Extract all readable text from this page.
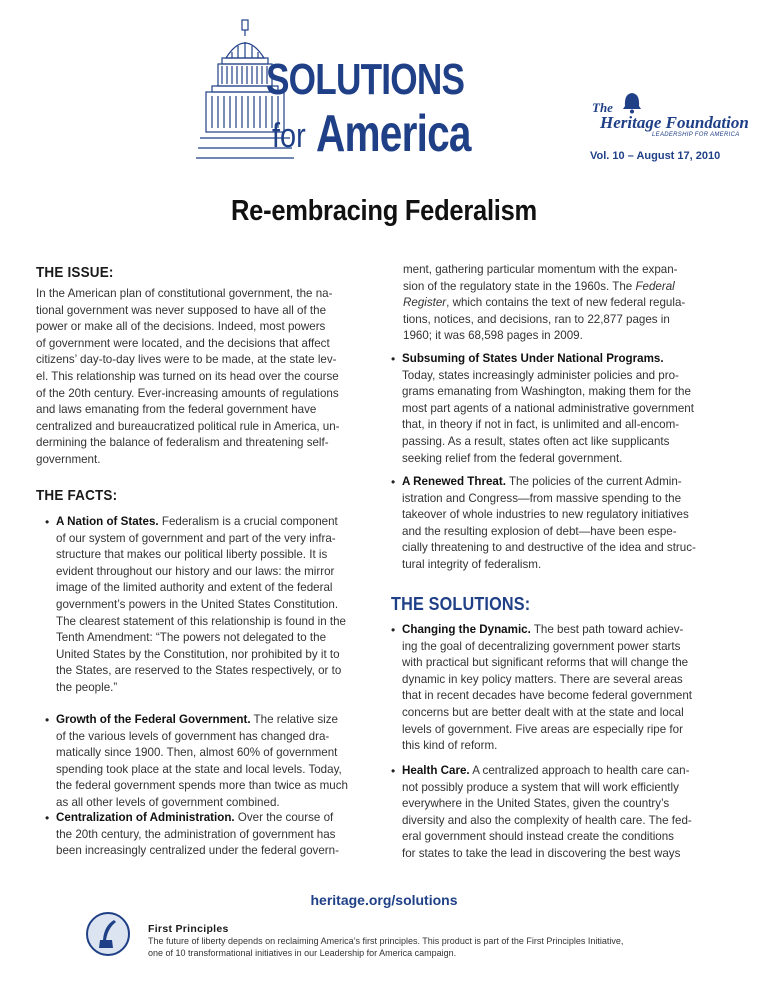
SOLUTIONS
for America	The
Heritage Foundation
LEADERSHIP FOR AMERICA
Vol. 10 – August 17, 2010
Re-embracing Federalism
THE ISSUE:
In the American plan of constitutional government, the na-
tional government was never supposed to have all of the
power or make all of the decisions. Indeed, most powers
of government were located, and the decisions that affect
citizens’ day-to-day lives were to be made, at the state lev-
el. This relationship was turned on its head over the course
of the 20th century. Ever-increasing amounts of regulations
and laws emanating from the federal government have
centralized and bureaucratized political rule in America, un-
dermining the balance of federalism and threatening self-
government.
THE FACTS:
• A Nation of States. Federalism is a crucial component
of our system of government and part of the very infra-
structure that makes our political liberty possible. It is
evident throughout our history and our laws: the mirror
image of the limited authority and extent of the federal
government’s powers in the United States Constitution.
The clearest statement of this relationship is found in the
Tenth Amendment: “The powers not delegated to the
United States by the Constitution, nor prohibited by it to
the States, are reserved to the States respectively, or to
the people.”
• Growth of the Federal Government. The relative size
of the various levels of government has changed dra-
matically since 1900. Then, almost 60% of government
spending took place at the state and local levels. Today,
the federal government spends more than twice as much
as all other levels of government combined.
• Centralization of Administration. Over the course of
the 20th century, the administration of government has
been increasingly centralized under the federal govern-
ment, gathering particular momentum with the expan-
sion of the regulatory state in the 1960s. The Federal
Register, which contains the text of new federal regula-
tions, notices, and decisions, ran to 22,877 pages in
1960; it was 68,598 pages in 2009.
• Subsuming of States Under National Programs.
Today, states increasingly administer policies and pro-
grams emanating from Washington, making them for the
most part agents of a national administrative government
that, in theory if not in fact, is unlimited and all-encom-
passing. As a result, states often act like supplicants
seeking relief from the federal government.
• A Renewed Threat. The policies of the current Admin-
istration and Congress—from massive spending to the
takeover of whole industries to new regulatory initiatives
and the resulting explosion of debt—have been espe-
cially threatening to and destructive of the idea and struc-
tural integrity of federalism.
THE SOLUTIONS:
• Changing the Dynamic. The best path toward achiev-
ing the goal of decentralizing government power starts
with practical but significant reforms that will change the
dynamic in key policy matters. There are several areas
that in recent decades have become federal government
concerns but are better dealt with at the state and local
levels of government. Five areas are especially ripe for
this kind of reform.
• Health Care. A centralized approach to health care can-
not possibly produce a system that will work efficiently
everywhere in the United States, given the country’s
diversity and also the complexity of health care. The fed-
eral government should instead create the conditions
for states to take the lead in discovering the best ways
heritage.org/solutions
First Principles
The future of liberty depends on reclaiming America’s first principles. This product is part of the First Principles Initiative,
one of 10 transformational initiatives in our Leadership for America campaign.
